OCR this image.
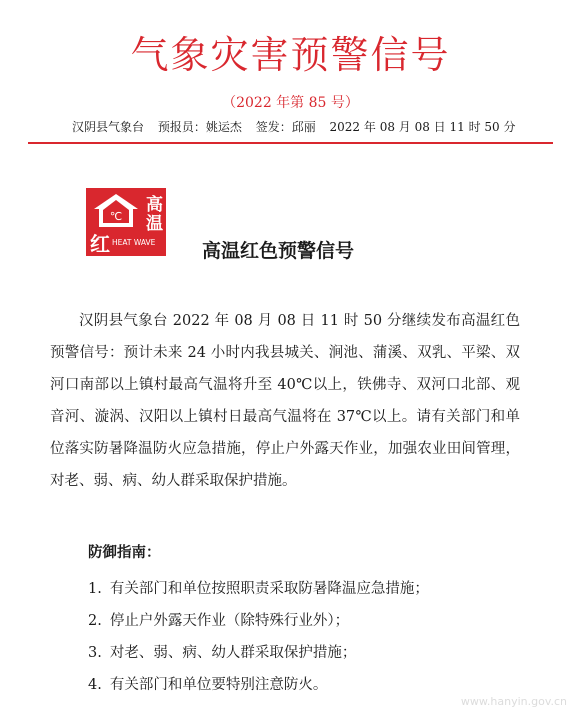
气象灾害预警信号
（2022 年第 85 号）
汉阴县气象台 预报员：姚运杰 签发：邱丽 2022 年 08 月 08 日 11 时 50 分
℃
高
温
红 HEAT WAVE 高温红色预警信号
汉阴县气象台 2022 年 08 月 08 日 11 时 50 分继续发布高温红色预警信号：预计未来 24 小时内我县城关、涧池、蒲溪、双乳、平梁、双河口南部以上镇村最高气温将升至 40℃以上，铁佛寺、双河口北部、观音河、漩涡、汉阳以上镇村日最高气温将在 37℃以上。请有关部门和单位落实防暑降温防火应急措施，停止户外露天作业，加强农业田间管理，对老、弱、病、幼人群采取保护措施。
防御指南：
1. 有关部门和单位按照职责采取防暑降温应急措施；
2. 停止户外露天作业（除特殊行业外）；
3. 对老、弱、病、幼人群采取保护措施；
4. 有关部门和单位要特别注意防火。
www.hanyin.gov.cn
